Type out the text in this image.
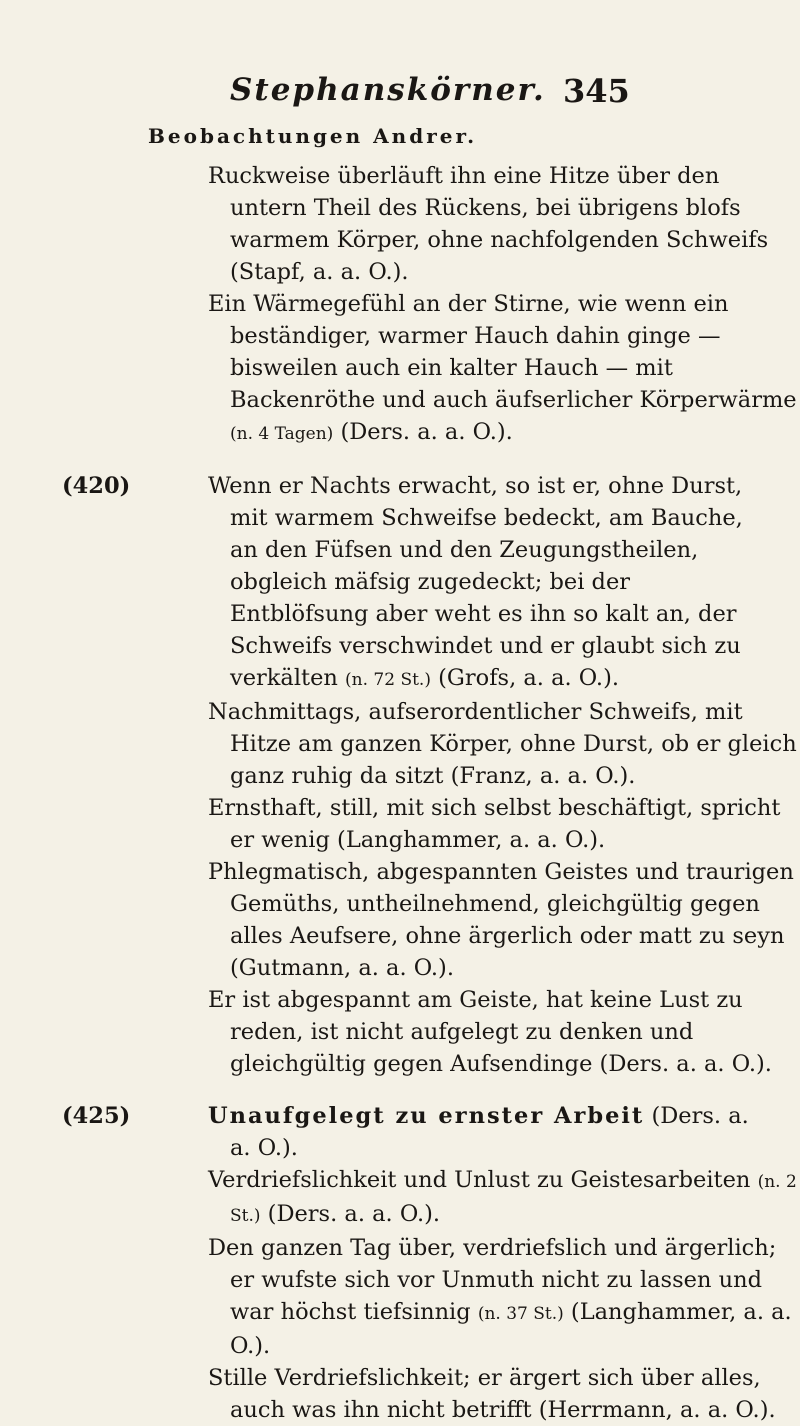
Stephanskörner. 345
Beobachtungen Andrer.

Ruckweise überläuft ihn eine Hitze über den untern Theil des Rückens, bei übrigens blofs warmem Körper, ohne nachfolgenden Schweifs (Stapf, a. a. O.).

Ein Wärmegefühl an der Stirne, wie wenn ein beständiger, warmer Hauch dahin ginge — bisweilen auch ein kalter Hauch — mit Backenröthe und auch äufserlicher Körperwärme (n. 4 Tagen) (Ders. a. a. O.).

(420)	Wenn er Nachts erwacht, so ist er, ohne Durst, mit warmem Schweifse bedeckt, am Bauche, an den Füfsen und den Zeugungstheilen, obgleich mäfsig zugedeckt; bei der Entblöfsung aber weht es ihn so kalt an, der Schweifs verschwindet und er glaubt sich zu verkälten (n. 72 St.) (Grofs, a. a. O.).

Nachmittags, aufserordentlicher Schweifs, mit Hitze am ganzen Körper, ohne Durst, ob er gleich ganz ruhig da sitzt (Franz, a. a. O.).

Ernsthaft, still, mit sich selbst beschäftigt, spricht er wenig (Langhammer, a. a. O.).

Phlegmatisch, abgespannten Geistes und traurigen Gemüths, untheilnehmend, gleichgültig gegen alles Aeufsere, ohne ärgerlich oder matt zu seyn (Gutmann, a. a. O.).

Er ist abgespannt am Geiste, hat keine Lust zu reden, ist nicht aufgelegt zu denken und gleichgültig gegen Aufsendinge (Ders. a. a. O.).

(425)	Unaufgelegt zu ernster Arbeit (Ders. a. a. O.).

Verdriefslichkeit und Unlust zu Geistesarbeiten (n. 2 St.) (Ders. a. a. O.).

Den ganzen Tag über, verdriefslich und ärgerlich; er wufste sich vor Unmuth nicht zu lassen und war höchst tiefsinnig (n. 37 St.) (Langhammer, a. a. O.).

Stille Verdriefslichkeit; er ärgert sich über alles, auch was ihn nicht betrifft (Herrmann, a. a. O.).
